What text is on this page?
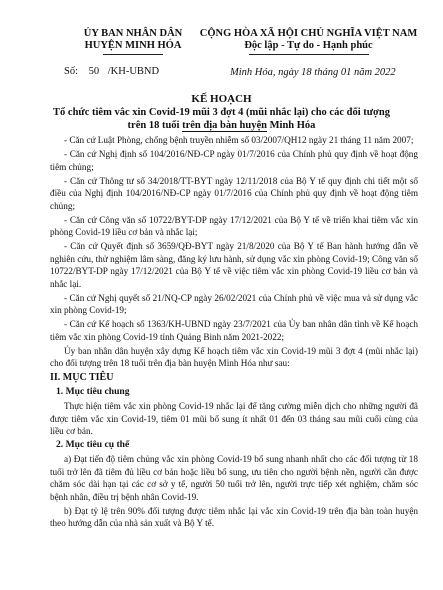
ỦY BAN NHÂN DÂN
HUYỆN MINH HÓA
CỘNG HÒA XÃ HỘI CHỦ NGHĨA VIỆT NAM
Độc lập - Tự do - Hạnh phúc
Số: 50 /KH-UBND	Minh Hóa, ngày 18 tháng 01 năm 2022
KẾ HOẠCH
Tổ chức tiêm vắc xin Covid-19 mũi 3 đợt 4 (mũi nhắc lại) cho các đối tượng
trên 18 tuổi trên địa bàn huyện Minh Hóa

- Căn cứ Luật Phòng, chống bệnh truyền nhiễm số 03/2007/QH12 ngày 21 tháng 11 năm 2007;

- Căn cứ Nghị định số 104/2016/NĐ-CP ngày 01/7/2016 của Chính phủ quy định về hoạt động tiêm chủng;

- Căn cứ Thông tư số 34/2018/TT-BYT ngày 12/11/2018 của Bộ Y tế quy định chi tiết một số điều của Nghị định 104/2016/NĐ-CP ngày 01/7/2016 của Chính phủ quy định về hoạt động tiêm chủng;

- Căn cứ Công văn số 10722/BYT-DP ngày 17/12/2021 của Bộ Y tế về triển khai tiêm vắc xin phòng Covid-19 liều cơ bản và nhắc lại;

- Căn cứ Quyết định số 3659/QĐ-BYT ngày 21/8/2020 của Bộ Y tế Ban hành hướng dẫn về nghiên cứu, thử nghiệm lâm sàng, đăng ký lưu hành, sử dụng vắc xin phòng Covid-19; Công văn số 10722/BYT-DP ngày 17/12/2021 của Bộ Y tế về việc tiêm vắc xin phòng Covid-19 liều cơ bản và nhắc lại.

- Căn cứ Nghị quyết số 21/NQ-CP ngày 26/02/2021 của Chính phủ về việc mua và sử dụng vắc xin phòng Covid-19;

- Căn cứ Kế hoạch số 1363/KH-UBND ngày 23/7/2021 của Ủy ban nhân dân tỉnh về Kế hoạch tiêm vắc xin phòng Covid-19 tỉnh Quảng Bình năm 2021-2022;

Ủy ban nhân dân huyện xây dựng Kế hoạch tiêm vắc xin Covid-19 mũi 3 đợt 4 (mũi nhắc lại) cho đối tượng trên 18 tuổi trên địa bàn huyện Minh Hóa như sau:

II. MỤC TIÊU

1. Mục tiêu chung

Thực hiện tiêm vắc xin phòng Covid-19 nhắc lại để tăng cường miễn dịch cho những người đã được tiêm vắc xin Covid-19, tiêm 01 mũi bổ sung ít nhất 01 đến 03 tháng sau mũi cuối cùng của liều cơ bản.

2. Mục tiêu cụ thể

a) Đạt tiến độ tiêm chủng vắc xin phòng Covid-19 bổ sung nhanh nhất cho các đối tượng từ 18 tuổi trở lên đã tiêm đủ liều cơ bản hoặc liều bổ sung, ưu tiên cho người bệnh nền, người cần được chăm sóc dài hạn tại các cơ sở y tế, người 50 tuổi trở lên, người trực tiếp xét nghiệm, chăm sóc bệnh nhân, điều trị bệnh nhân Covid-19.

b) Đạt tỷ lệ trên 90% đối tượng được tiêm nhắc lại vắc xin Covid-19 trên địa bàn toàn huyện theo hướng dẫn của nhà sản xuất và Bộ Y tế.
